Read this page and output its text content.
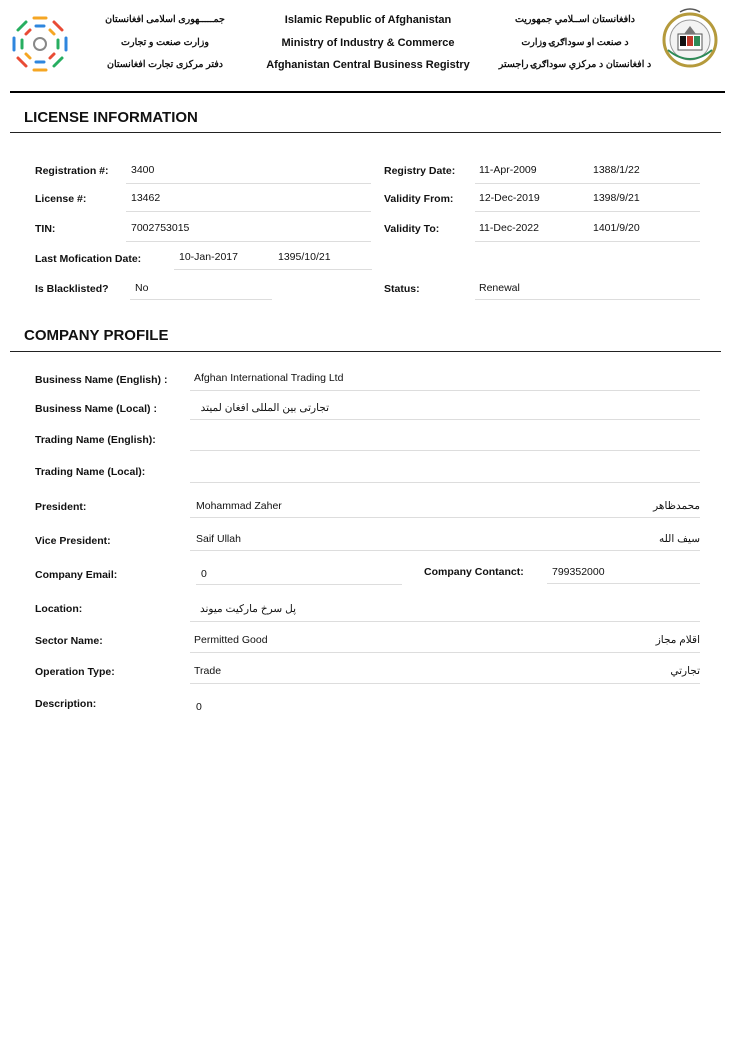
جمـــــهوری اسلامی افغانستان
وزارت صنعت و تجارت
دفتر مرکزی تجارت افغانستان
Islamic Republic of Afghanistan
Ministry of Industry & Commerce
Afghanistan Central Business Registry
دافغانستان اســلامي جمهوريت
د صنعت او سوداګرۍ وزارت
د افغانستان د مرکزي سوداګرۍ راجستر
LICENSE INFORMATION
Registration #: 3400	Registry Date: 11-Apr-2009	1388/1/22
License #:	13462	Validity From: 12-Dec-2019	1398/9/21
TIN:	7002753015	Validity To:	11-Dec-2022	1401/9/20
Last Mofication Date:	10-Jan-2017	1395/10/21
Is Blacklisted?	No	Status:	Renewal
COMPANY PROFILE
Business Name (English) :	Afghan International Trading Ltd
Business Name (Local) :	تجارتی بین المللی افغان لمیتد
Trading Name (English):
Trading Name (Local):
President:	Mohammad Zaher	محمدظاهر
Vice President:	Saif Ullah	سیف الله
Company Email:	0	Company Contanct:	799352000
Location:	پل سرخ مارکیت میوند
Sector Name:	Permitted Good	اقلام مجاز
Operation Type:	Trade	تجارتي
Description:	0
